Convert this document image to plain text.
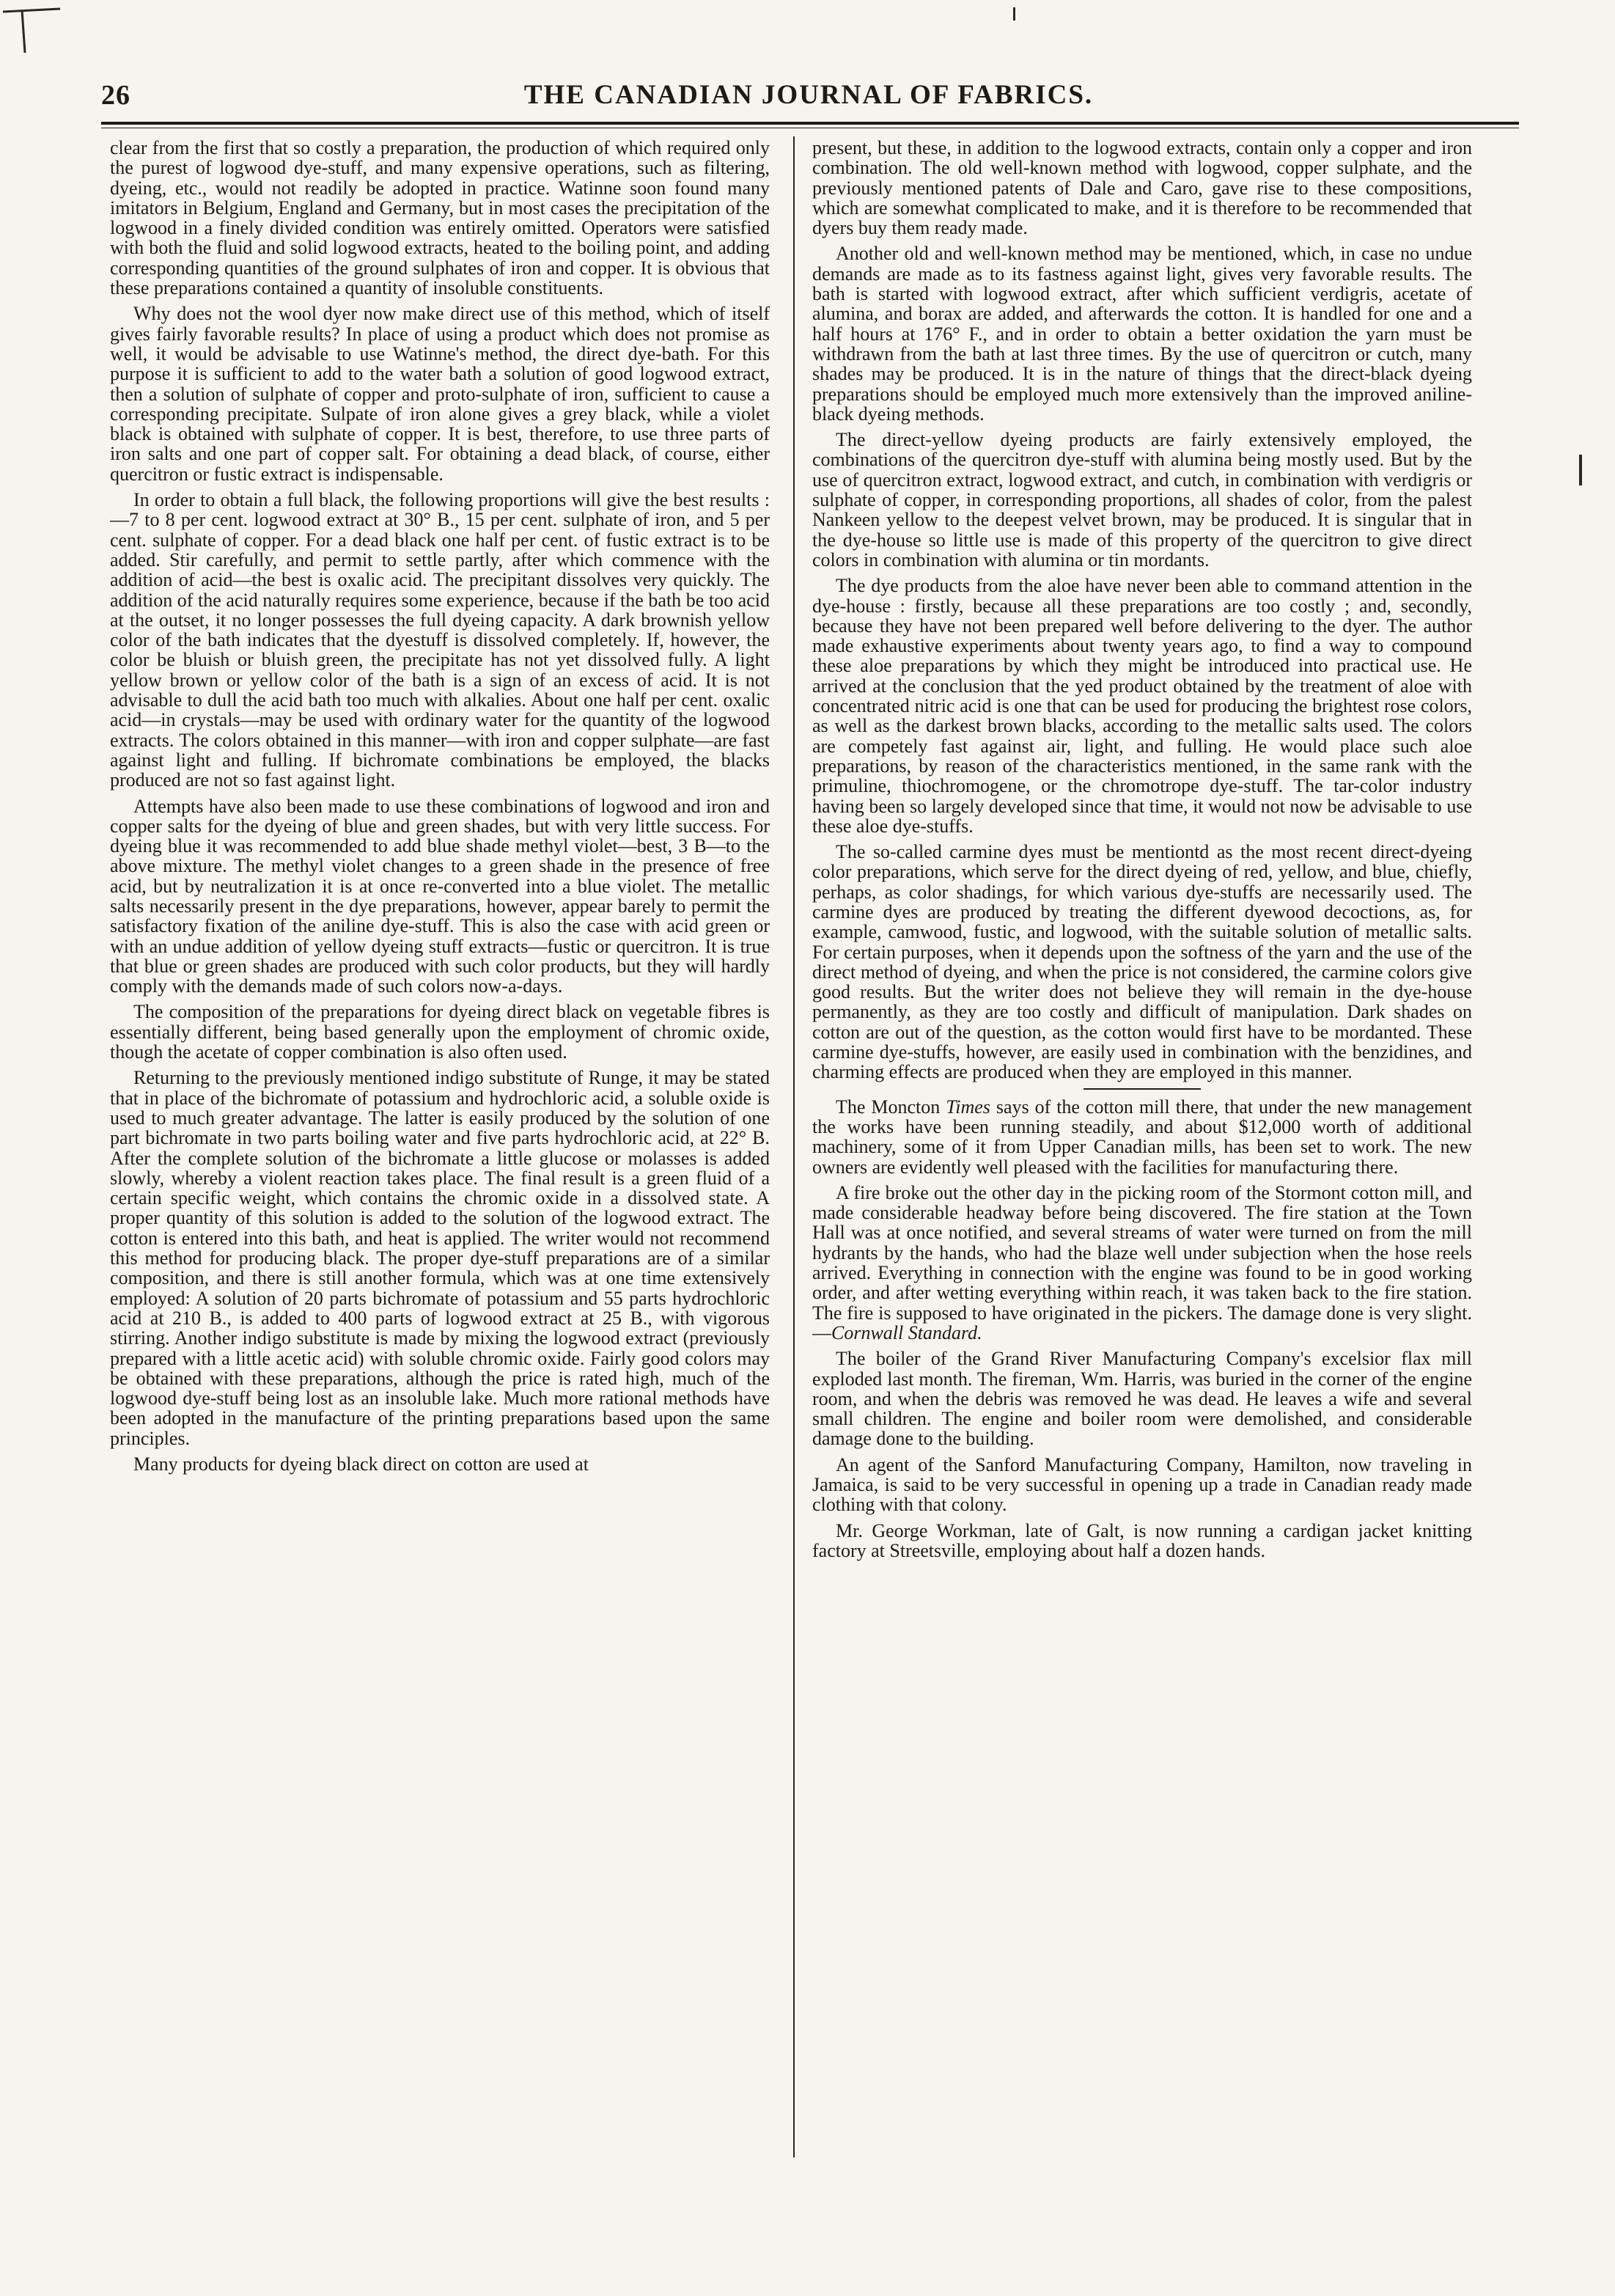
26	THE CANADIAN JOURNAL OF FABRICS.

clear from the first that so costly a preparation, the production of which required only the purest of logwood dye-stuff, and many expensive operations, such as filtering, dyeing, etc., would not readily be adopted in practice. Watinne soon found many imitators in Belgium, England and Germany, but in most cases the precipitation of the logwood in a finely divided condition was entirely omitted. Operators were satisfied with both the fluid and solid logwood extracts, heated to the boiling point, and adding corresponding quantities of the ground sulphates of iron and copper. It is obvious that these preparations contained a quantity of insoluble constituents.

Why does not the wool dyer now make direct use of this method, which of itself gives fairly favorable results? In place of using a product which does not promise as well, it would be advisable to use Watinne's method, the direct dye-bath. For this purpose it is sufficient to add to the water bath a solution of good logwood extract, then a solution of sulphate of copper and proto-sulphate of iron, sufficient to cause a corresponding precipitate. Sulpate of iron alone gives a grey black, while a violet black is obtained with sulphate of copper. It is best, therefore, to use three parts of iron salts and one part of copper salt. For obtaining a dead black, of course, either quercitron or fustic extract is indispensable.

In order to obtain a full black, the following proportions will give the best results :—7 to 8 per cent. logwood extract at 30° B., 15 per cent. sulphate of iron, and 5 per cent. sulphate of copper. For a dead black one half per cent. of fustic extract is to be added. Stir carefully, and permit to settle partly, after which commence with the addition of acid—the best is oxalic acid. The precipitant dissolves very quickly. The addition of the acid naturally requires some experience, because if the bath be too acid at the outset, it no longer possesses the full dyeing capacity. A dark brownish yellow color of the bath indicates that the dyestuff is dissolved completely. If, however, the color be bluish or bluish green, the precipitate has not yet dissolved fully. A light yellow brown or yellow color of the bath is a sign of an excess of acid. It is not advisable to dull the acid bath too much with alkalies. About one half per cent. oxalic acid—in crystals—may be used with ordinary water for the quantity of the logwood extracts. The colors obtained in this manner—with iron and copper sulphate—are fast against light and fulling. If bichromate combinations be employed, the blacks produced are not so fast against light.

Attempts have also been made to use these combinations of logwood and iron and copper salts for the dyeing of blue and green shades, but with very little success. For dyeing blue it was recommended to add blue shade methyl violet—best, 3 B—to the above mixture. The methyl violet changes to a green shade in the presence of free acid, but by neutralization it is at once re-converted into a blue violet. The metallic salts necessarily present in the dye preparations, however, appear barely to permit the satisfactory fixation of the aniline dye-stuff. This is also the case with acid green or with an undue addition of yellow dyeing stuff extracts—fustic or quercitron. It is true that blue or green shades are produced with such color products, but they will hardly comply with the demands made of such colors now-a-days.

The composition of the preparations for dyeing direct black on vegetable fibres is essentially different, being based generally upon the employment of chromic oxide, though the acetate of copper combination is also often used.

Returning to the previously mentioned indigo substitute of Runge, it may be stated that in place of the bichromate of potassium and hydrochloric acid, a soluble oxide is used to much greater advantage. The latter is easily produced by the solution of one part bichromate in two parts boiling water and five parts hydrochloric acid, at 22° B. After the complete solution of the bichromate a little glucose or molasses is added slowly, whereby a violent reaction takes place. The final result is a green fluid of a certain specific weight, which contains the chromic oxide in a dissolved state. A proper quantity of this solution is added to the solution of the logwood extract. The cotton is entered into this bath, and heat is applied. The writer would not recommend this method for producing black. The proper dye-stuff preparations are of a similar composition, and there is still another formula, which was at one time extensively employed: A solution of 20 parts bichromate of potassium and 55 parts hydrochloric acid at 210 B., is added to 400 parts of logwood extract at 25 B., with vigorous stirring. Another indigo substitute is made by mixing the logwood extract (previously prepared with a little acetic acid) with soluble chromic oxide. Fairly good colors may be obtained with these preparations, although the price is rated high, much of the logwood dye-stuff being lost as an insoluble lake. Much more rational methods have been adopted in the manufacture of the printing preparations based upon the same principles.

Many products for dyeing black direct on cotton are used at

present, but these, in addition to the logwood extracts, contain only a copper and iron combination. The old well-known method with logwood, copper sulphate, and the previously mentioned patents of Dale and Caro, gave rise to these compositions, which are somewhat complicated to make, and it is therefore to be recommended that dyers buy them ready made.

Another old and well-known method may be mentioned, which, in case no undue demands are made as to its fastness against light, gives very favorable results. The bath is started with logwood extract, after which sufficient verdigris, acetate of alumina, and borax are added, and afterwards the cotton. It is handled for one and a half hours at 176° F., and in order to obtain a better oxidation the yarn must be withdrawn from the bath at last three times. By the use of quercitron or cutch, many shades may be produced. It is in the nature of things that the direct-black dyeing preparations should be employed much more extensively than the improved aniline-black dyeing methods.

The direct-yellow dyeing products are fairly extensively employed, the combinations of the quercitron dye-stuff with alumina being mostly used. But by the use of quercitron extract, logwood extract, and cutch, in combination with verdigris or sulphate of copper, in corresponding proportions, all shades of color, from the palest Nankeen yellow to the deepest velvet brown, may be produced. It is singular that in the dye-house so little use is made of this property of the quercitron to give direct colors in combination with alumina or tin mordants.

The dye products from the aloe have never been able to command attention in the dye-house : firstly, because all these preparations are too costly ; and, secondly, because they have not been prepared well before delivering to the dyer. The author made exhaustive experiments about twenty years ago, to find a way to compound these aloe preparations by which they might be introduced into practical use. He arrived at the conclusion that the yed product obtained by the treatment of aloe with concentrated nitric acid is one that can be used for producing the brightest rose colors, as well as the darkest brown blacks, according to the metallic salts used. The colors are competely fast against air, light, and fulling. He would place such aloe preparations, by reason of the characteristics mentioned, in the same rank with the primuline, thiochromogene, or the chromotrope dye-stuff. The tar-color industry having been so largely developed since that time, it would not now be advisable to use these aloe dye-stuffs.

The so-called carmine dyes must be mentiontd as the most recent direct-dyeing color preparations, which serve for the direct dyeing of red, yellow, and blue, chiefly, perhaps, as color shadings, for which various dye-stuffs are necessarily used. The carmine dyes are produced by treating the different dyewood decoctions, as, for example, camwood, fustic, and logwood, with the suitable solution of metallic salts. For certain purposes, when it depends upon the softness of the yarn and the use of the direct method of dyeing, and when the price is not considered, the carmine colors give good results. But the writer does not believe they will remain in the dye-house permanently, as they are too costly and difficult of manipulation. Dark shades on cotton are out of the question, as the cotton would first have to be mordanted. These carmine dye-stuffs, however, are easily used in combination with the benzidines, and charming effects are produced when they are employed in this manner.

The Moncton Times says of the cotton mill there, that under the new management the works have been running steadily, and about $12,000 worth of additional machinery, some of it from Upper Canadian mills, has been set to work. The new owners are evidently well pleased with the facilities for manufacturing there.

A fire broke out the other day in the picking room of the Stormont cotton mill, and made considerable headway before being discovered. The fire station at the Town Hall was at once notified, and several streams of water were turned on from the mill hydrants by the hands, who had the blaze well under subjection when the hose reels arrived. Everything in connection with the engine was found to be in good working order, and after wetting everything within reach, it was taken back to the fire station. The fire is supposed to have originated in the pickers. The damage done is very slight.—Cornwall Standard.

The boiler of the Grand River Manufacturing Company's excelsior flax mill exploded last month. The fireman, Wm. Harris, was buried in the corner of the engine room, and when the debris was removed he was dead. He leaves a wife and several small children. The engine and boiler room were demolished, and considerable damage done to the building.

An agent of the Sanford Manufacturing Company, Hamilton, now traveling in Jamaica, is said to be very successful in opening up a trade in Canadian ready made clothing with that colony.

Mr. George Workman, late of Galt, is now running a cardigan jacket knitting factory at Streetsville, employing about half a dozen hands.
